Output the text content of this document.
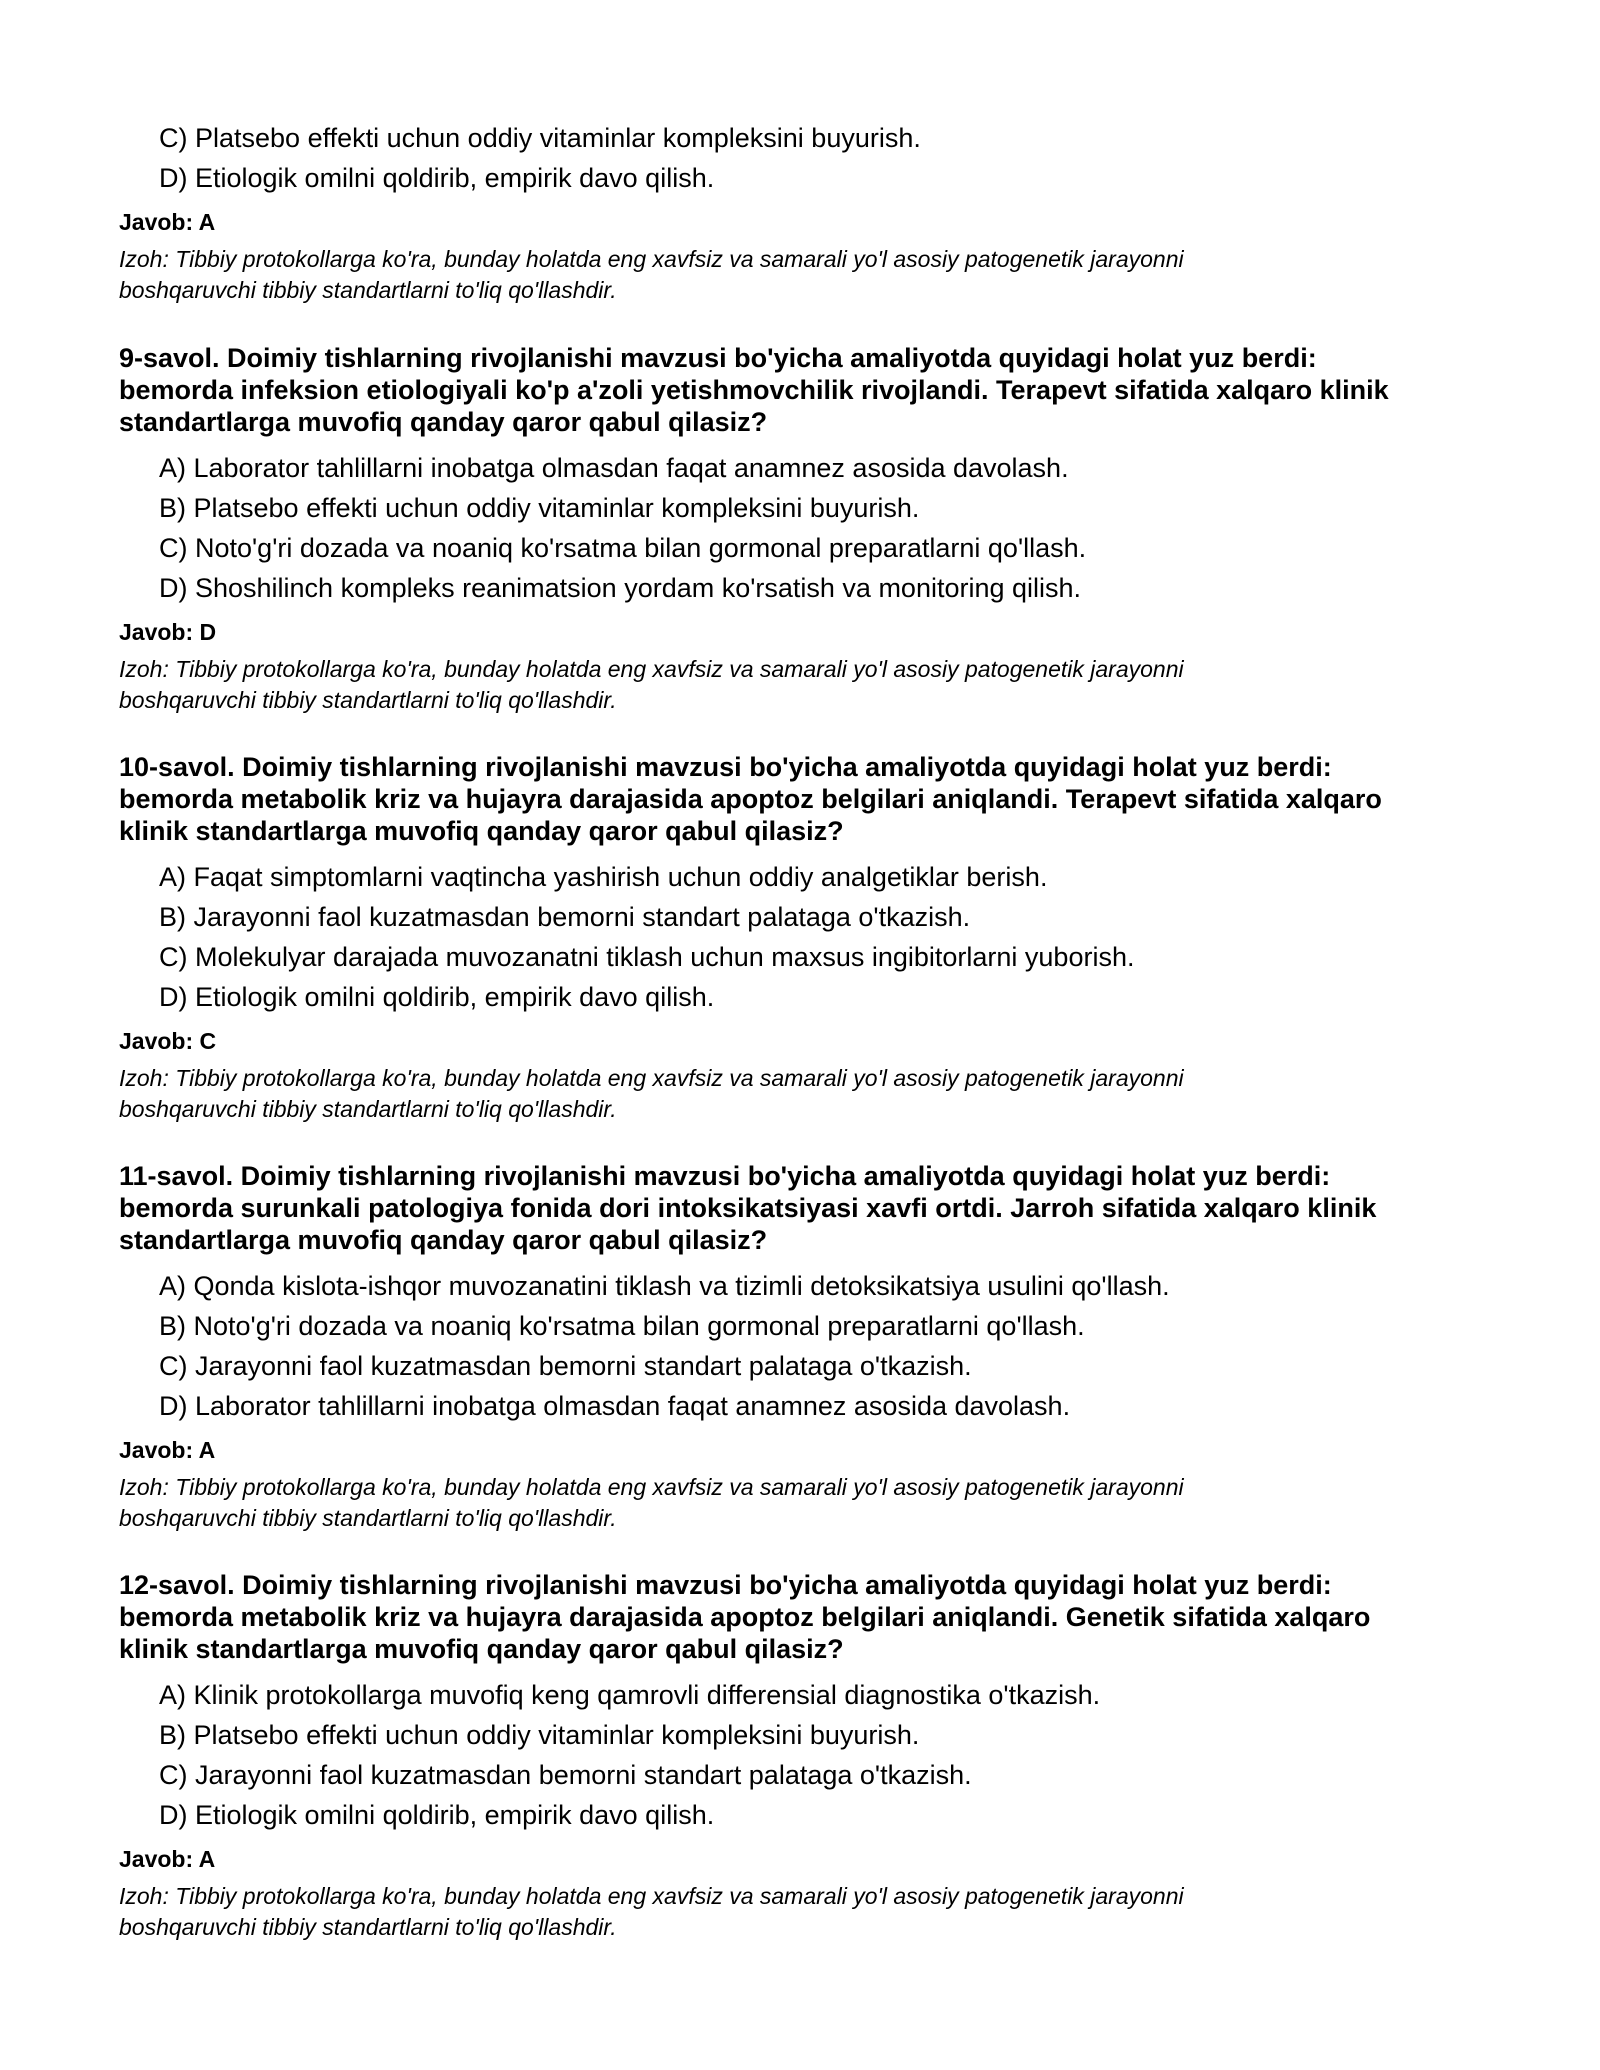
C) Platsebo effekti uchun oddiy vitaminlar kompleksini buyurish.
D) Etiologik omilni qoldirib, empirik davo qilish.
Javob: A
Izoh: Tibbiy protokollarga ko'ra, bunday holatda eng xavfsiz va samarali yo'l asosiy patogenetik jarayonni
boshqaruvchi tibbiy standartlarni to'liq qo'llashdir.
9-savol. Doimiy tishlarning rivojlanishi mavzusi bo'yicha amaliyotda quyidagi holat yuz berdi:
bemorda infeksion etiologiyali ko'p a'zoli yetishmovchilik rivojlandi. Terapevt sifatida xalqaro klinik
standartlarga muvofiq qanday qaror qabul qilasiz?
A) Laborator tahlillarni inobatga olmasdan faqat anamnez asosida davolash.
B) Platsebo effekti uchun oddiy vitaminlar kompleksini buyurish.
C) Noto'g'ri dozada va noaniq ko'rsatma bilan gormonal preparatlarni qo'llash.
D) Shoshilinch kompleks reanimatsion yordam ko'rsatish va monitoring qilish.
Javob: D
Izoh: Tibbiy protokollarga ko'ra, bunday holatda eng xavfsiz va samarali yo'l asosiy patogenetik jarayonni
boshqaruvchi tibbiy standartlarni to'liq qo'llashdir.
10-savol. Doimiy tishlarning rivojlanishi mavzusi bo'yicha amaliyotda quyidagi holat yuz berdi:
bemorda metabolik kriz va hujayra darajasida apoptoz belgilari aniqlandi. Terapevt sifatida xalqaro
klinik standartlarga muvofiq qanday qaror qabul qilasiz?
A) Faqat simptomlarni vaqtincha yashirish uchun oddiy analgetiklar berish.
B) Jarayonni faol kuzatmasdan bemorni standart palataga o'tkazish.
C) Molekulyar darajada muvozanatni tiklash uchun maxsus ingibitorlarni yuborish.
D) Etiologik omilni qoldirib, empirik davo qilish.
Javob: C
Izoh: Tibbiy protokollarga ko'ra, bunday holatda eng xavfsiz va samarali yo'l asosiy patogenetik jarayonni
boshqaruvchi tibbiy standartlarni to'liq qo'llashdir.
11-savol. Doimiy tishlarning rivojlanishi mavzusi bo'yicha amaliyotda quyidagi holat yuz berdi:
bemorda surunkali patologiya fonida dori intoksikatsiyasi xavfi ortdi. Jarroh sifatida xalqaro klinik
standartlarga muvofiq qanday qaror qabul qilasiz?
A) Qonda kislota-ishqor muvozanatini tiklash va tizimli detoksikatsiya usulini qo'llash.
B) Noto'g'ri dozada va noaniq ko'rsatma bilan gormonal preparatlarni qo'llash.
C) Jarayonni faol kuzatmasdan bemorni standart palataga o'tkazish.
D) Laborator tahlillarni inobatga olmasdan faqat anamnez asosida davolash.
Javob: A
Izoh: Tibbiy protokollarga ko'ra, bunday holatda eng xavfsiz va samarali yo'l asosiy patogenetik jarayonni
boshqaruvchi tibbiy standartlarni to'liq qo'llashdir.
12-savol. Doimiy tishlarning rivojlanishi mavzusi bo'yicha amaliyotda quyidagi holat yuz berdi:
bemorda metabolik kriz va hujayra darajasida apoptoz belgilari aniqlandi. Genetik sifatida xalqaro
klinik standartlarga muvofiq qanday qaror qabul qilasiz?
A) Klinik protokollarga muvofiq keng qamrovli differensial diagnostika o'tkazish.
B) Platsebo effekti uchun oddiy vitaminlar kompleksini buyurish.
C) Jarayonni faol kuzatmasdan bemorni standart palataga o'tkazish.
D) Etiologik omilni qoldirib, empirik davo qilish.
Javob: A
Izoh: Tibbiy protokollarga ko'ra, bunday holatda eng xavfsiz va samarali yo'l asosiy patogenetik jarayonni
boshqaruvchi tibbiy standartlarni to'liq qo'llashdir.
